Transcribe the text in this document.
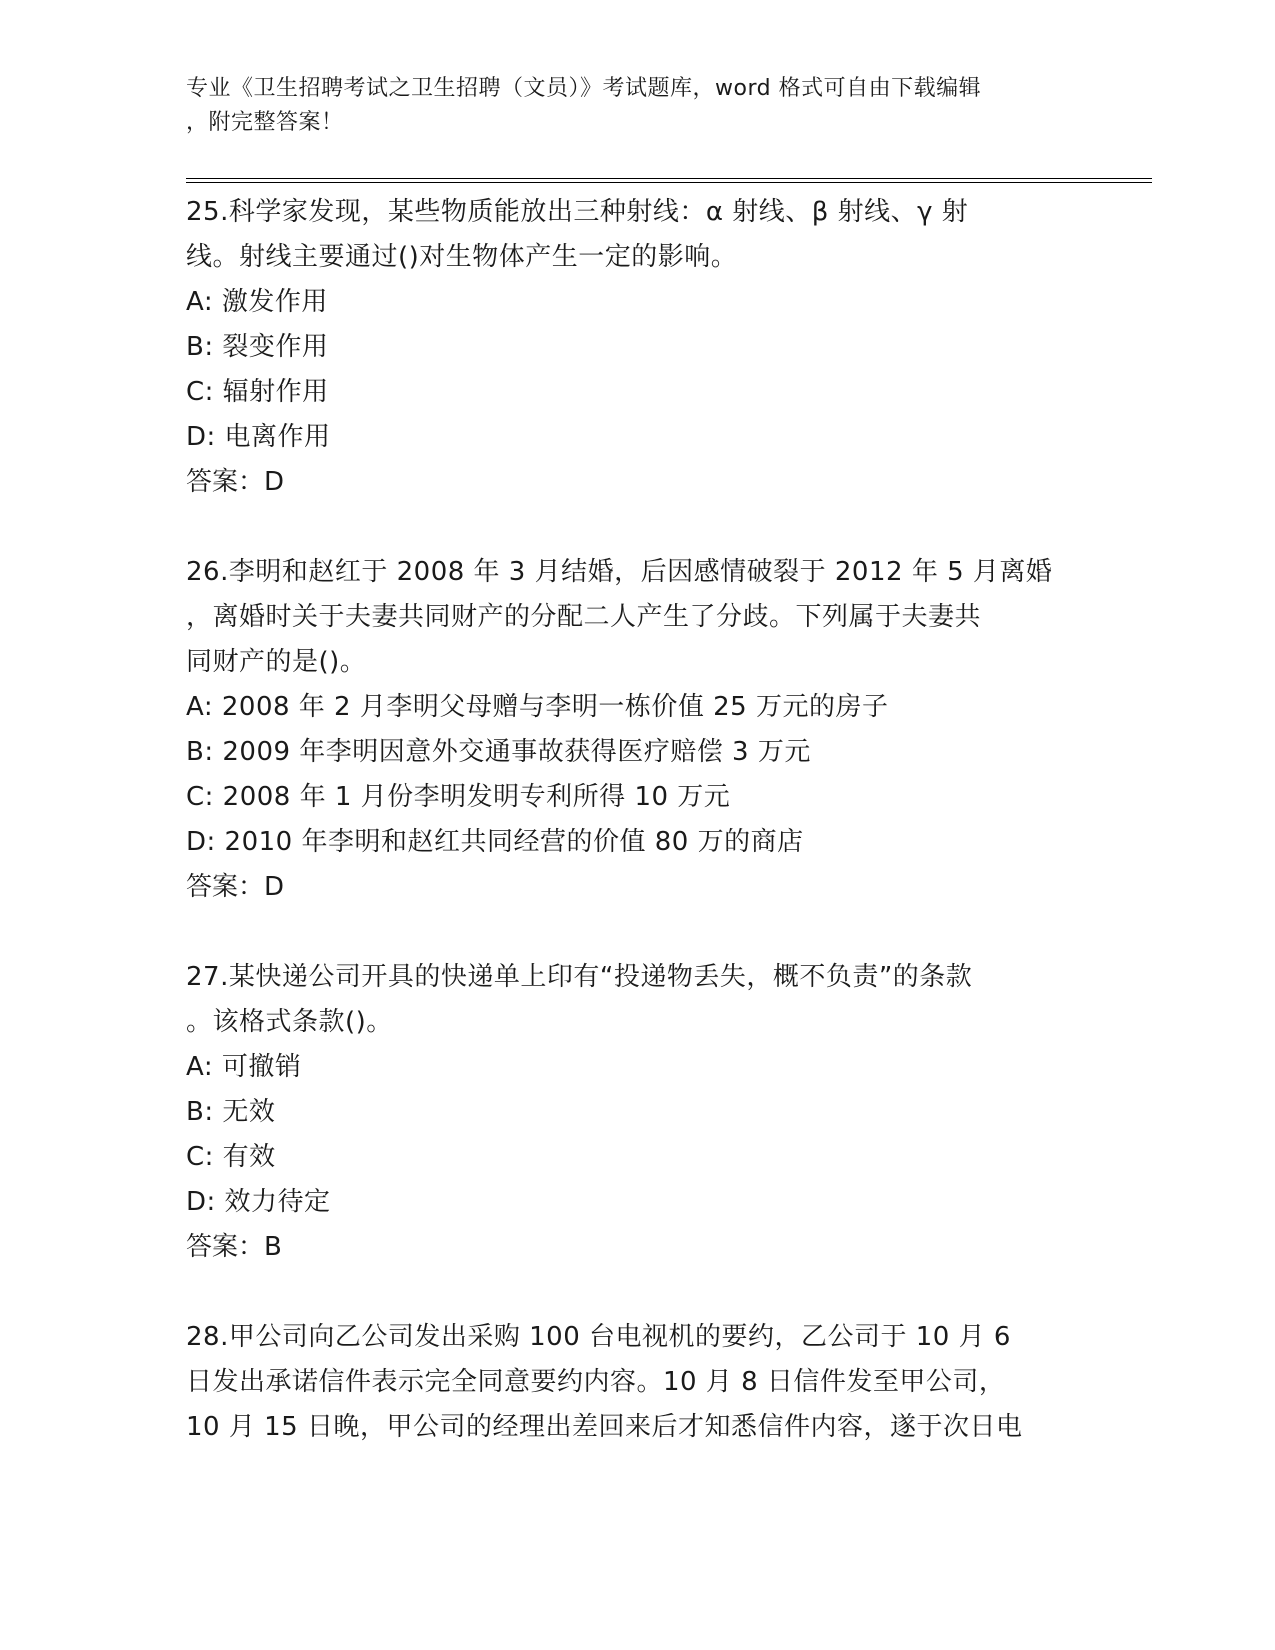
专业《卫生招聘考试之卫生招聘（文员）》考试题库，word 格式可自由下载编辑
，附完整答案！
25.科学家发现，某些物质能放出三种射线：α 射线、β 射线、γ 射
线。射线主要通过()对生物体产生一定的影响。
A: 激发作用
B: 裂变作用
C: 辐射作用
D: 电离作用
答案：D
26.李明和赵红于 2008 年 3 月结婚，后因感情破裂于 2012 年 5 月离婚
，离婚时关于夫妻共同财产的分配二人产生了分歧。下列属于夫妻共
同财产的是()。
A: 2008 年 2 月李明父母赠与李明一栋价值 25 万元的房子
B: 2009 年李明因意外交通事故获得医疗赔偿 3 万元
C: 2008 年 1 月份李明发明专利所得 10 万元
D: 2010 年李明和赵红共同经营的价值 80 万的商店
答案：D
27.某快递公司开具的快递单上印有“投递物丢失，概不负责”的条款
。该格式条款()。
A: 可撤销
B: 无效
C: 有效
D: 效力待定
答案：B
28.甲公司向乙公司发出采购 100 台电视机的要约，乙公司于 10 月 6
日发出承诺信件表示完全同意要约内容。10 月 8 日信件发至甲公司，
10 月 15 日晚，甲公司的经理出差回来后才知悉信件内容，遂于次日电
